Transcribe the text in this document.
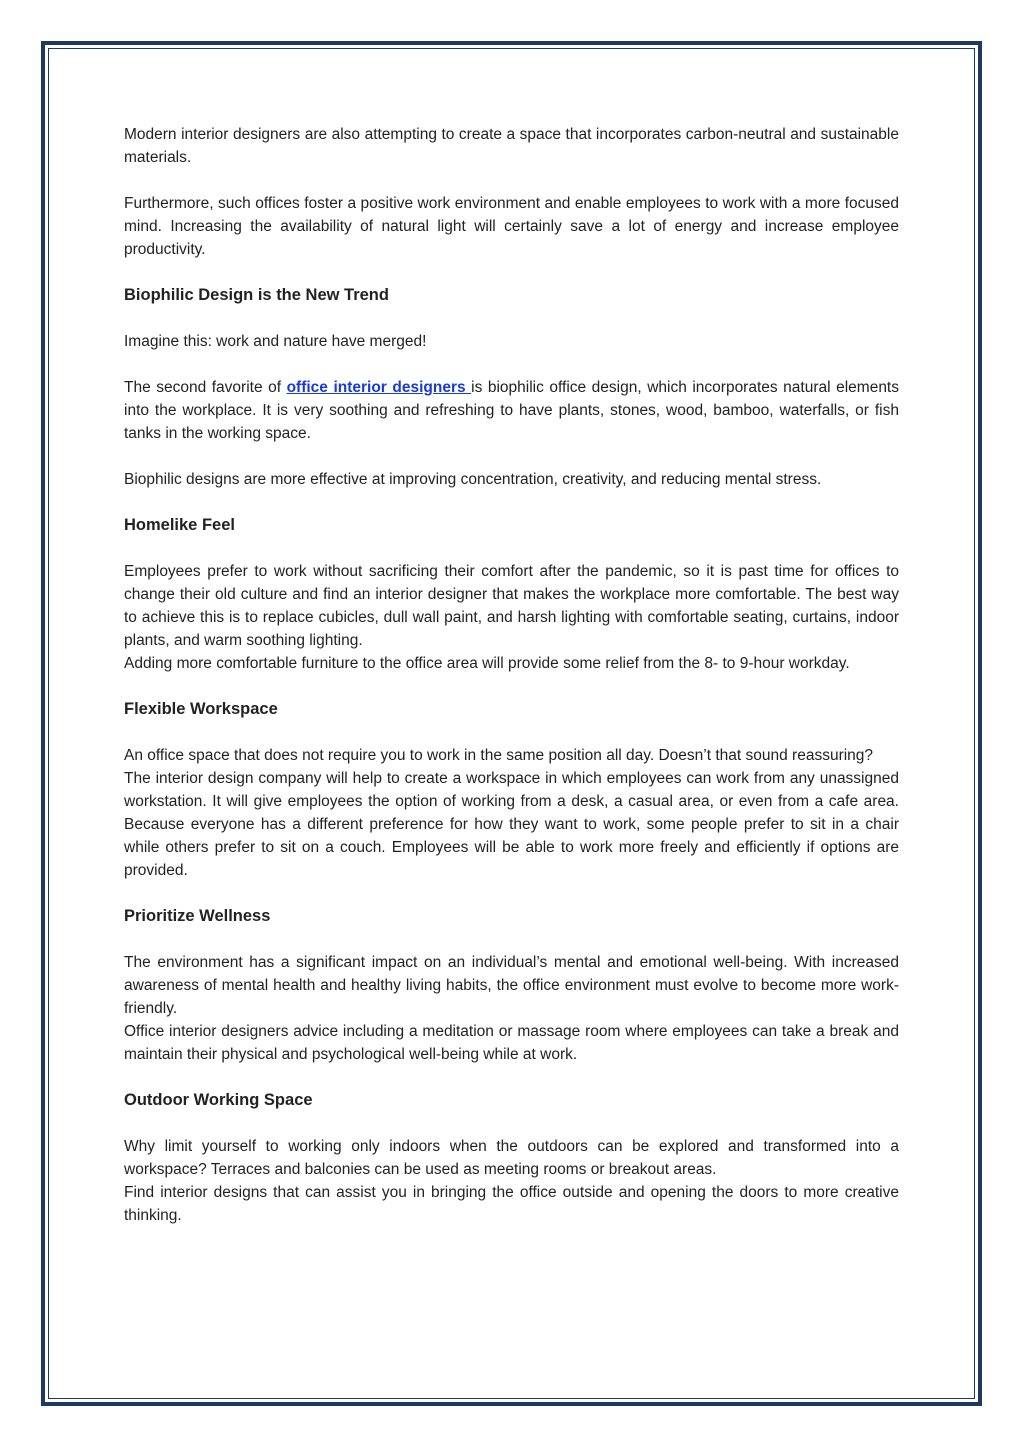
Modern interior designers are also attempting to create a space that incorporates carbon-neutral and sustainable materials.

Furthermore, such offices foster a positive work environment and enable employees to work with a more focused mind. Increasing the availability of natural light will certainly save a lot of energy and increase employee productivity.

Biophilic Design is the New Trend

Imagine this: work and nature have merged!

The second favorite of office interior designers is biophilic office design, which incorporates natural elements into the workplace. It is very soothing and refreshing to have plants, stones, wood, bamboo, waterfalls, or fish tanks in the working space.

Biophilic designs are more effective at improving concentration, creativity, and reducing mental stress.

Homelike Feel

Employees prefer to work without sacrificing their comfort after the pandemic, so it is past time for offices to change their old culture and find an interior designer that makes the workplace more comfortable. The best way to achieve this is to replace cubicles, dull wall paint, and harsh lighting with comfortable seating, curtains, indoor plants, and warm soothing lighting.

Adding more comfortable furniture to the office area will provide some relief from the 8- to 9-hour workday.

Flexible Workspace

An office space that does not require you to work in the same position all day. Doesn’t that sound reassuring?

The interior design company will help to create a workspace in which employees can work from any unassigned workstation. It will give employees the option of working from a desk, a casual area, or even from a cafe area. Because everyone has a different preference for how they want to work, some people prefer to sit in a chair while others prefer to sit on a couch. Employees will be able to work more freely and efficiently if options are provided.

Prioritize Wellness

The environment has a significant impact on an individual’s mental and emotional well-being. With increased awareness of mental health and healthy living habits, the office environment must evolve to become more work-friendly.

Office interior designers advice including a meditation or massage room where employees can take a break and maintain their physical and psychological well-being while at work.

Outdoor Working Space

Why limit yourself to working only indoors when the outdoors can be explored and transformed into a workspace? Terraces and balconies can be used as meeting rooms or breakout areas.

Find interior designs that can assist you in bringing the office outside and opening the doors to more creative thinking.
